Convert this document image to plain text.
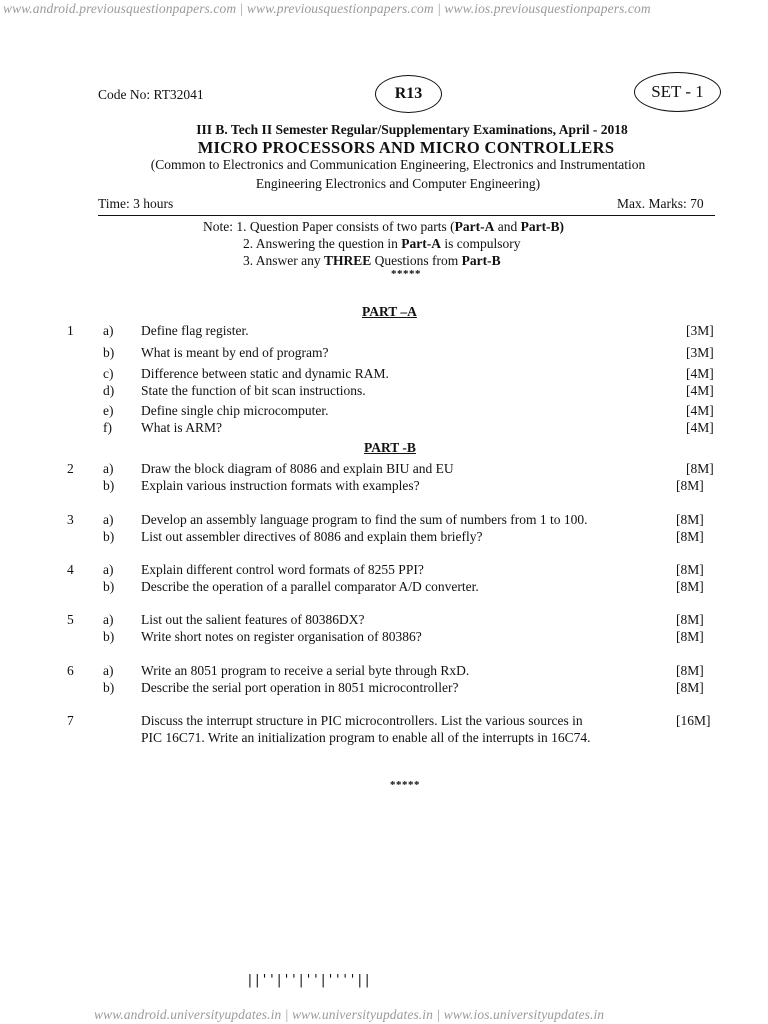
www.android.previousquestionpapers.com | www.previousquestionpapers.com | www.ios.previousquestionpapers.com
www.android.universityupdates.in | www.universityupdates.in | www.ios.universityupdates.in
Code No: RT32041	R13	SET - 1
III B. Tech II Semester Regular/Supplementary Examinations, April - 2018
MICRO PROCESSORS AND MICRO CONTROLLERS
(Common to Electronics and Communication Engineering, Electronics and Instrumentation
Engineering Electronics and Computer Engineering)
Time: 3 hours	Max. Marks: 70
Note: 1. Question Paper consists of two parts (Part-A and Part-B)
2. Answering the question in Part-A is compulsory
3. Answer any THREE Questions from Part-B
*****
PART –A
1 a) Define flag register.	[3M]
b) What is meant by end of program?	[3M]
c) Difference between static and dynamic RAM.	[4M]
d) State the function of bit scan instructions.	[4M]
e) Define single chip microcomputer.	[4M]
f) What is ARM?	[4M]
PART -B
2 a) Draw the block diagram of 8086 and explain BIU and EU	[8M]
b) Explain various instruction formats with examples?	[8M]
3 a) Develop an assembly language program to find the sum of numbers from 1 to 100.	[8M]
b) List out assembler directives of 8086 and explain them briefly?	[8M]
4 a) Explain different control word formats of 8255 PPI?	[8M]
b) Describe the operation of a parallel comparator A/D converter.	[8M]
5 a) List out the salient features of 80386DX?	[8M]
b) Write short notes on register organisation of 80386?	[8M]
6 a) Write an 8051 program to receive a serial byte through RxD.	[8M]
b) Describe the serial port operation in 8051 microcontroller?	[8M]
7	Discuss the interrupt structure in PIC microcontrollers. List the various sources in
PIC 16C71. Write an initialization program to enable all of the interrupts in 16C74.
[16M]
*****
||''|''|''|''''||
